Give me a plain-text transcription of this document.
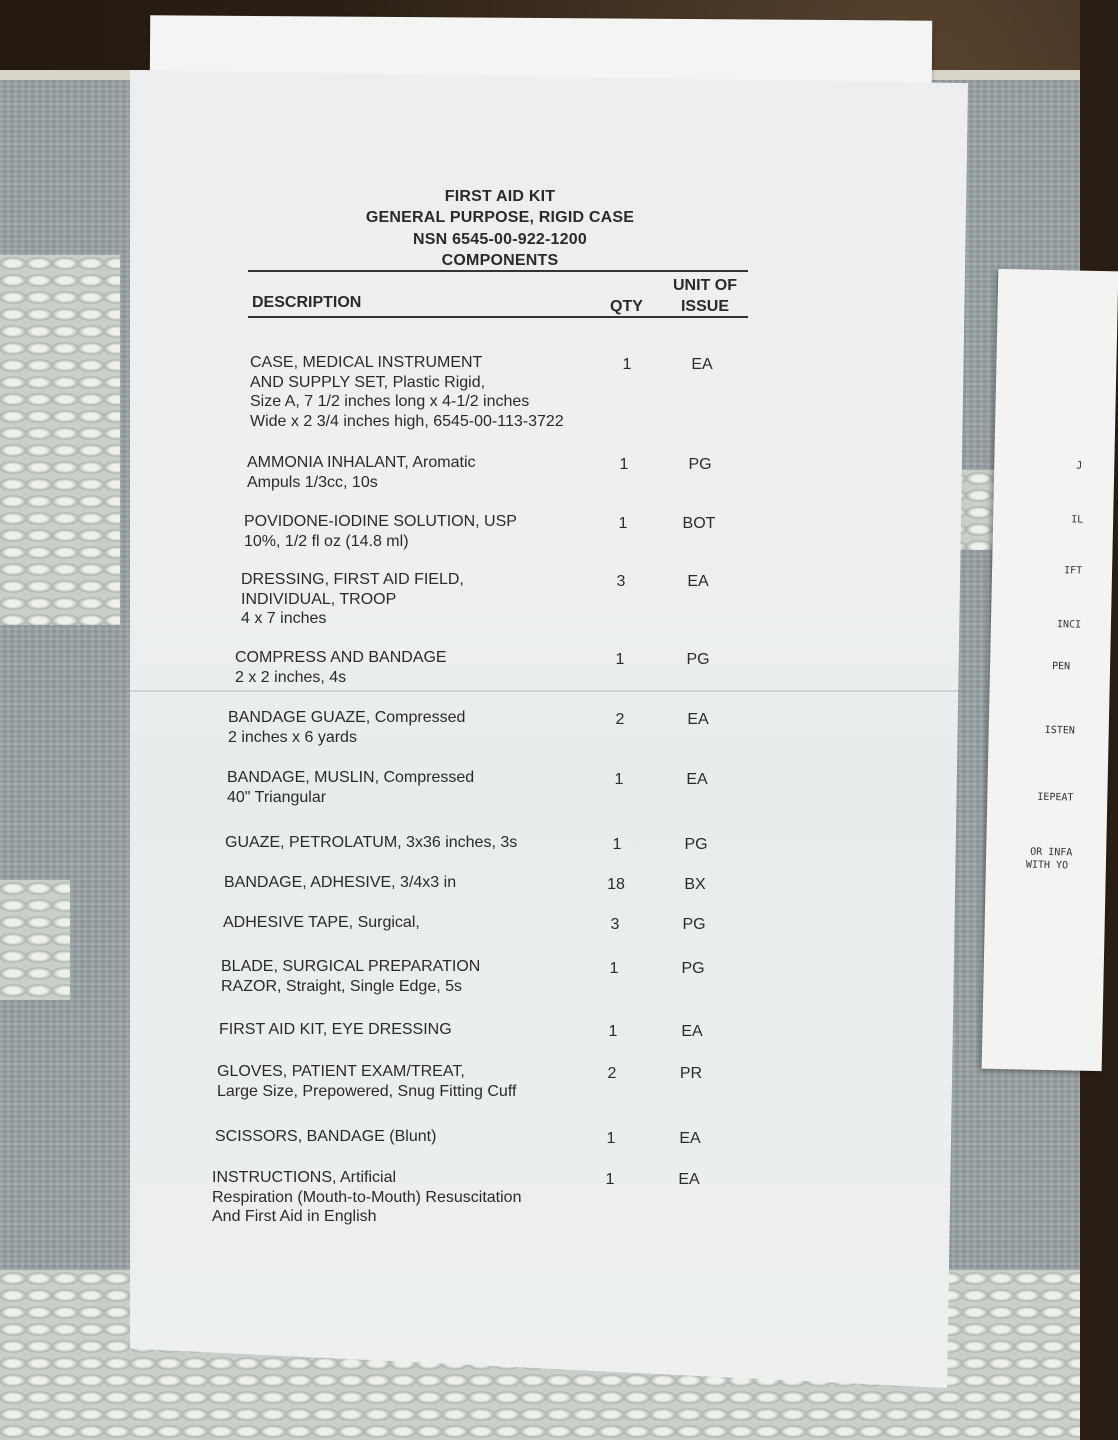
J
IL
IFT
INCI
PEN
ISTEN
IEPEAT
OR INFA
WITH YO
FIRST AID KIT
GENERAL PURPOSE, RIGID CASE
NSN 6545-00-922-1200
COMPONENTS
DESCRIPTION	QTY
UNIT OF
ISSUE
CASE, MEDICAL INSTRUMENT
AND SUPPLY SET, Plastic Rigid,
Size A, 7 1/2 inches long x 4-1/2 inches
Wide x 2 3/4 inches high, 6545-00-113-3722
1	EA
AMMONIA INHALANT, Aromatic
Ampuls 1/3cc, 10s
1	PG
POVIDONE-IODINE SOLUTION, USP
10%, 1/2 fl oz (14.8 ml)
1	BOT
DRESSING, FIRST AID FIELD,
INDIVIDUAL, TROOP
4 x 7 inches
3	EA
COMPRESS AND BANDAGE
2 x 2 inches, 4s
1	PG
BANDAGE GUAZE, Compressed
2 inches x 6 yards
2	EA
BANDAGE, MUSLIN, Compressed
40" Triangular
1	EA
GUAZE, PETROLATUM, 3x36 inches, 3s	1	PG
BANDAGE, ADHESIVE, 3/4x3 in	18	BX
ADHESIVE TAPE, Surgical,	3	PG
BLADE, SURGICAL PREPARATION
RAZOR, Straight, Single Edge, 5s
1	PG
FIRST AID KIT, EYE DRESSING	1	EA
GLOVES, PATIENT EXAM/TREAT,
Large Size, Prepowered, Snug Fitting Cuff
2	PR
SCISSORS, BANDAGE (Blunt)	1	EA
INSTRUCTIONS, Artificial
Respiration (Mouth-to-Mouth) Resuscitation
And First Aid in English
1	EA
